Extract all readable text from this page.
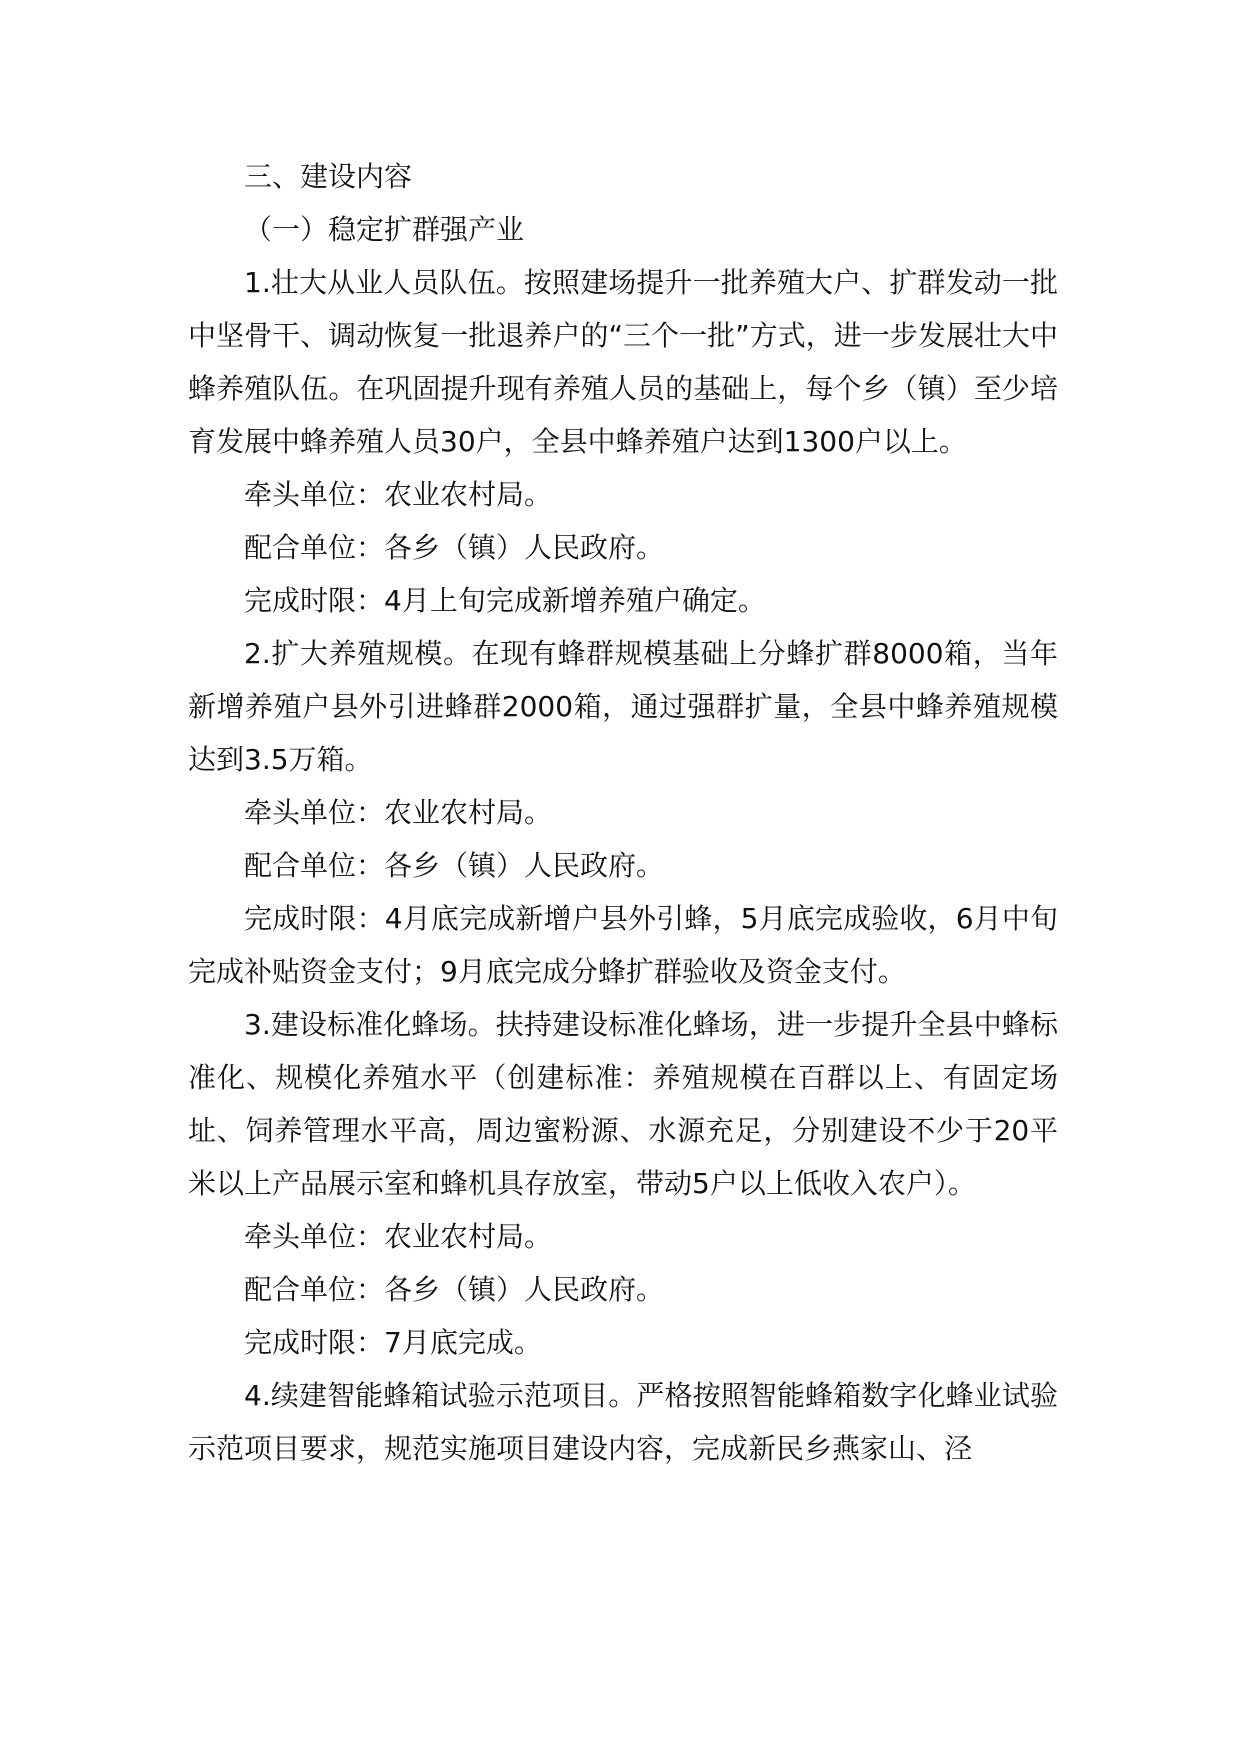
三、建设内容

（一）稳定扩群强产业

1.壮大从业人员队伍。按照建场提升一批养殖大户、扩群发动一批中坚骨干、调动恢复一批退养户的“三个一批”方式，进一步发展壮大中蜂养殖队伍。在巩固提升现有养殖人员的基础上，每个乡（镇）至少培育发展中蜂养殖人员30户，全县中蜂养殖户达到1300户以上。

牵头单位：农业农村局。

配合单位：各乡（镇）人民政府。

完成时限：4月上旬完成新增养殖户确定。

2.扩大养殖规模。在现有蜂群规模基础上分蜂扩群8000箱，当年新增养殖户县外引进蜂群2000箱，通过强群扩量，全县中蜂养殖规模达到3.5万箱。

牵头单位：农业农村局。

配合单位：各乡（镇）人民政府。

完成时限：4月底完成新增户县外引蜂，5月底完成验收，6月中旬完成补贴资金支付；9月底完成分蜂扩群验收及资金支付。

3.建设标准化蜂场。扶持建设标准化蜂场，进一步提升全县中蜂标准化、规模化养殖水平（创建标准：养殖规模在百群以上、有固定场址、饲养管理水平高，周边蜜粉源、水源充足，分别建设不少于20平米以上产品展示室和蜂机具存放室，带动5户以上低收入农户）。

牵头单位：农业农村局。

配合单位：各乡（镇）人民政府。

完成时限：7月底完成。

4.续建智能蜂箱试验示范项目。严格按照智能蜂箱数字化蜂业试验示范项目要求，规范实施项目建设内容，完成新民乡燕家山、泾
